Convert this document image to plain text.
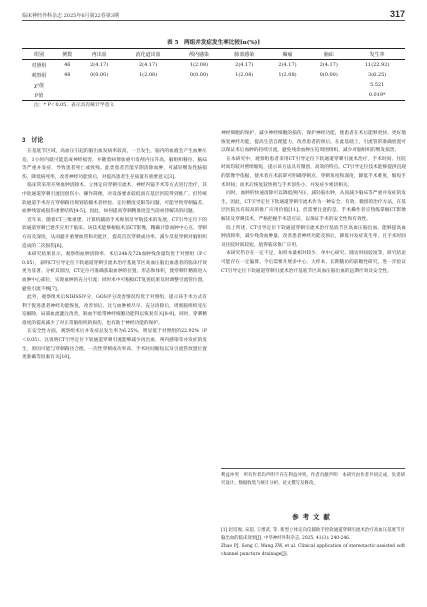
临床神经外科杂志 2025年6月第22卷第3期	317
表 5　两组并发症发生率比较[n(%)]
组别	例数	再出血	消化道出血	颅内感染	肺部感染	癫痫	脑疝	发生率
对照组	46	2(4.17)	2(4.17)	1(2.08)	2(4.17)	2(4.17)	2(4.17)	11(22.92)
观察组	48	0(0.00)	1(2.08)	0(0.00)	1(2.08)	1(2.08)	0(0.00)	3(6.25)
χ²值								5.521
P值								0.019*
注：* P＜0.05，表示具有统计学意义
3　讨论

在基底节区域，高血压引起的脑出血发病率较高，一旦发生，脑内的血液会产生血肿压迫，1小时内就可能造成神经损害，并随着病情加重引发颅内压升高、脑组织移位、脑疝等严重并发症，导致患者死亡或致残。此类患者若能早期清除血肿，可减轻继发性脑损伤，降低病死率，改善神经功能预后，对提高患者生存质量有重要意义[3]。

临床常采用开颅血肿清除术、立体定向穿刺引流术、神经内镜手术等方式进行治疗，其中软通道穿刺引流因创伤小、操作简便、对设备要求较低而在基层医院得到推广。但传统软通道手术存在穿刺路径规划依赖术者经验、定位精度受限等问题，可能导致穿刺偏差、血肿残留或损伤重要结构[4-5]。因此，如何提高穿刺精准度是当前亟待解决的问题。

近年来，随着CT三维重建、计算机辅助手术规划及导航技术的发展，CT引导定位下的软通道穿刺已逐步应用于临床。该技术能够根据术前CT影像，精确计算血肿中心点、穿刺方向及深度，从而避开重要血管和功能区，提高首次穿刺成功率，减少反复穿刺对脑组织造成的二次损伤[6]。

本研究结果显示，观察组血肿清除率、术后24h及72h血肿残余量均优于对照组（P＜0.05），表明CT引导定位下软通道穿刺引流术治疗基底节区高血压脑出血患者的临床疗效更为显著。分析其原因，CT定位可准确获取血肿的位置、形态和体积，使穿刺针精准进入血肿中心部位，实现血肿的充分引流；同时术中可根据CT复查结果及时调整引流管位置，避免引流不畅[7]。

此外，观察组术后NIHSS评分、GOS评分改善情况均优于对照组，提示该手术方式有利于促进患者神经功能恢复，改善预后。这与血肿被尽早、充分清除后，周围脑组织受压迫解除，局部血流灌注改善，缺血半暗带神经细胞功能得以恢复有关[8-9]。同时，穿刺精准度的提高减少了对正常脑组织的损伤，也有助于神经功能的保护。

在安全性方面，观察组术后并发症总发生率为6.25%，明显低于对照组的22.92%（P＜0.05）。这说明CT引导定位下软通道穿刺引流能够减少再出血、颅内感染等并发症的发生，原因可能与穿刺路径合理、一次性穿刺成功率高、手术时间缩短以及引流管放置位置更准确等因素有关[10]。

神经细胞的保护，减少神经细胞的损伤，保护神经功能，使患者在术后能够更快、更好地恢复神经功能，提高生活自理能力，改善患者的预后。在此基础上，引流管的准确放置可以保证术后血肿的持续引流，避免残余血肿压迫周围组织，减少对脑组织的继发损害。

在本研究中，观察组患者采用CT引导定位下软通道穿刺引流术治疗，手术时间、住院时间均较对照组缩短，提示该方法具有微创、高效的特点。CT引导定位技术能够提供直观的影像学依据，使术者在术前即可明确穿刺点、穿刺角度和深度，降低手术难度，缩短手术时间；而术后恢复较快则与手术创伤小、并发症少密切相关。

同时，血肿的快速清除可以降低颅内压，减轻脑水肿，从而减少脑疝等严重并发症的发生。因此，CT引导定位下软通道穿刺引流术作为一种安全、有效、微创的治疗方法，在基层医院具有较高的推广应用价值[11]。但需要注意的是，手术操作者应熟练掌握CT影像解读及穿刺技术，严格把握手术适应证，以保证手术的安全性和有效性。

综上所述，CT引导定位下软通道穿刺引流术治疗基底节区高血压脑出血，能够提高血肿清除率，减少残余血肿量，改善患者神经功能及预后，降低并发症发生率，且手术时间及住院时间较短，值得临床推广应用。

本研究仍存在一定不足，如样本量相对较少、单中心研究、随访时间较短等，研究结论可能存在一定偏倚。今后需要开展多中心、大样本、长期随访的前瞻性研究，进一步验证CT引导定位下软通道穿刺引流术治疗基底节区高血压脑出血的远期疗效及安全性。

利益冲突　所有作者均声明不存在利益冲突。作者贡献声明　本研究由作者共同完成，负责研究设计、数据收集与统计分析、论文撰写及修改。
参考文献
[1] 赵培俊, 宋超, 王增武, 等. 新型立体定向仪辅助手控软通道穿刺引流术治疗高血压基底节区脑出血的临床效果[J]. 中华神经外科杂志, 2025, 41(3): 240-246.
Zhao PJ, Song C, Wang ZW, et al. Clinical application of stereotactic-assisted soft channel puncture drainage[J].
